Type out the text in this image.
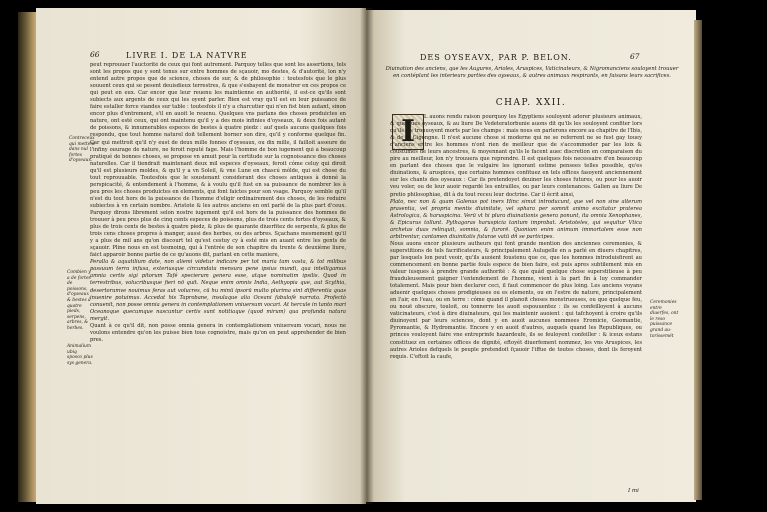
66	LIVRE I. DE LA NATVRE

peut reprouuer l'auctorité de ceux qui font autrement. Parquoy telles que sont les assertions, tels sont les propos que y sont tenus sur entre hommes de sçauoir, mo destes, & d'autorité, lon n'y entend autre propos que de science, choses de sur, & de philosophie : toutesfois que le plus souuent ceux qui se pesent deuisdieux terrestres, & que s'esbayent de monstrer en ces propos ce qui peut en eux. Car encor que leur reuenu les maintienne en authorité, il est-ce qu'ils sont subiects aux argents de ceux qui les oyent parler. Bien est vray qu'il est en leur puissance de faire estaller force viandes sur table : toutesfois il n'y a charcutier qui n'en fist bien autant, sinon encor plus d'entrement, s'il en auoit le reuenu. Quelques vns parlans des choses produictes en nature, ont esté ceux, qui ont maintenu qu'il y a des mois infinies d'oyseaux, & deux fois autant de poissons, & innumerables especes de bestes à quatre piedz : auf quels aucuns quelques fois respondu, que tout homme naturel doit tellement borner son dire, qu'il y conforme quelque fin. Car qui mettroit qu'il n'y eust de deux mille fonnes d'oyseaux, ou dix mille, il failloit asseure de l'infiny ouurage de nature, ne feroit reputé fage. Mais l'homme de bon iugement qui a beaucoup pratiqué de bonnes choses, se propose vn amuit pour la certitude sur la cognoissance des choses naturelles. Car il tiendrait maintenant deux mil especes d'oyseaux, feroit cóme celuy qui diroit qu'il est plusieurs moldes, & qu'il y a vn Soleil, & vne Lune en chascú mólde, qui est chose du tout reprouuable. Toutesfois que le soustenant considerant des choses antiques à donné la perspicacité, & entendement à l'homme, & à voulu qu'il fust en sa puissance de nombrer les à peu pres les choses produictes en elements, qui font faictes pour son vsage. Parquoy semble qu'il n'est du tout hors de la puissance de l'homme d'eligir ordinairement des choses, de les reduire subiectes à vn certain nombre. Aristote & les autres anciens en ont parlé de la plus part d'ceux. Parquoy dirons librement selon nostre iugement qu'il est hors de la puissance des hommes de trouuer à peu pres plus de cinq cents especes de poissons, plus de trois cents fortes d'oyseaux, & plus de trois cents de bestes à quatre piedz, & plus de quarante diuerfitez de serpents, & plus de trois cens choses propres à manger, aussi des herbes, ou des arbres. Sçachans mesmement qu'il y a plus de mil ans qu'on discourt tel qu'est cestuy cy à esté mis en auant entre les gents de sçauoir. Pline nous en est tesmoing, qui à l'entrée de son chapitre du trente & deuxième liure, faict apparoir bonne partie de ce qu'auons dit, parlant en cette maniere,

Peralla & aquatilium date, non aliemi videtur indicare per tot maria tam vasta, & tot milibus passuum terra infusa, exteriusque circumdata mensura pene ipsius mundi, qua intelligamus amnia certis sigi pitorum Tafé specierum genera esse, atque nominatim ipsilis. Quod in terrestribus, volucribusque fieri nō quit. Neque enim omnis India, Aethyopia que, aut Scythia, desertorumve nouimus feras aut volucres, cū hu minū ipsorū multo plurima sint differentia quas inuenire potuimus. Accedat his Taprobane, insulaque alia Oceani fabulofè narrata. Profectò conuenit, non posse omnia genera in contemplationem vniuersum vocari. At hercule in tanto mari Oceanoque quecumque nascuntur certis sunt notitiaque (quod mirum) qua profunda natura mergit.

Quant à ce qu'il dit, non posse omnia genera in contemplationem vniuersum vocari, nous ne voulons entendre qu'on les puisse bien tous cognoistre, mais qu'on en peut apprehender de bien pres.

Contreceux qui mettent dans nul fortes d'oyseaux.
Combien y a de fortes de poissons, d'oyseaux & bestes à quatre pieds, serpens, arbres, & herbes.
Animalium ubiq sposco plus sys genera.
DES OYSEAVX, PAR P. BELON.	67
Diuination des anciens, que les Augures, Arioles, Aruspices, Vaticinateurs, & Nigromanciens souloyent trouuer en contéplant les interieurs parties des oyseaux, & autres animaux respirants, en faisans leurs sacrifices.
CHAP. XXII.
I	L auons rendu raison pourquoy les Egyptiens souloyent adorer plusieurs animaux, & quelques oyseaux, & au liure De Vedeteratorbunie auons dit qu'ils les souloyent confiter lors qu'ils les trouuoyent morts par les champs : mais nous en parlerons encore au chapitre de l'Ibis, & de la Cigongne. Il n'est aucune chose si moderne qui ne se referrent ne se fust gay touey d'anciens entre les hommes n'ont rien de meilleur que de s'accommoder par les loix & coustumes de leurs ancestres, & moyennant qu'ils le facent auec discretion en comparaison du pire au meilleur, lon n'y trouuera que reprendre. Il est quelques fois necessaire d'en beaucoup en parlant des choses que le vulgaire les ignorant estime pensees telles possible, qu'es diuinations, & aruspices, que certains hommes confituez en tels offices fasoyent anciennement sur les chants des oyseaux : Car ils pretendoyet deuiner les choses futures, ou pour les auoir veu voler, ou de leur auoir regardé les entrailles, ou par leurs contenances. Galien au liure De pretio philosophiae, dit à du tout receu leur doctrine. Car il écrit ainsi,

Plato, nec non & quam Galenus pot iners Hinc simut introducunt, que vel non sine alterum prasentia, vel propria mentis diuinitate, vel sphara per somnit animo excitatur praterea Astrologica, & haruspicina. Verū vt hi plura diuinationis genera ponunt, ita omnia Xenophanes, & Epicurus tollunt. Pythagoras haruspicia tantum improbat. Aristoteles, qui sequitur Vtica archetas duas relinquit, somnia, & furorē. Quoniam enim animum immortalem esse non arbitrentur, cantamen diuinitatis futurae vatū dñ se participes.

Nous auons encor plusieurs autheurs qui font grande mention des anciennes ceremonies, & superstitions de tels facrificateurs, & principalement Aulugelle en a parlé en diuers chapitres, par lesquels lon peut veoir, qu'ils auoient foustenu que ce, que les hommes introduisfirent au commencement en bonne partie fouls espece de bien faire, est puis apres subtilement mis en valeur iusques à prendre grande authorité : & que quád quelque chose superstitieuse à peu frauduleusement gaigner l'entendement de l'homme, vient à la part fin à luy commander totalement. Mais pour bien declarer ceci, il faut commencer de plus loing. Les anciens voyans aduenir quelques choses prodigieuses ou es elements, ou en l'estre de nature, principalement en l'air, en l'eau, ou en terre : cóme quand il planoit choses monstrueuses, ou que quelque feu, ou nouë obscure, touloit, ou tonnerre les auoit espouuentez : ils se confeilloyent à aucuns vaticinateurs, c'est à dire diuinateurs, qui les maintenir auoient : qui tafchoyent à croire qu'ils diuinoyent par leurs sciences, dont y en auoit aucunes nommees Eromicie, Geomantie, Pyromantie, & Hydromantie. Encore y en auoit d'autres, auquels quand les Republiques, ou princes vouloyent faire vne entreprinfe hazardeufe, ils se feuloyent confeiller : & iceux estans constituez en certaines offices de dignité, eftoyét diuerfement nommez, les vns Aruspices, les autres Arioles defquels le peuple pretendoit fçauoir l'iffue de toutes choses, dont ils feroyent requis. C'eftoit la caufe,

Ceremonies entre diuerfes, ont le reso puissance grand au-torissemét
I mi
